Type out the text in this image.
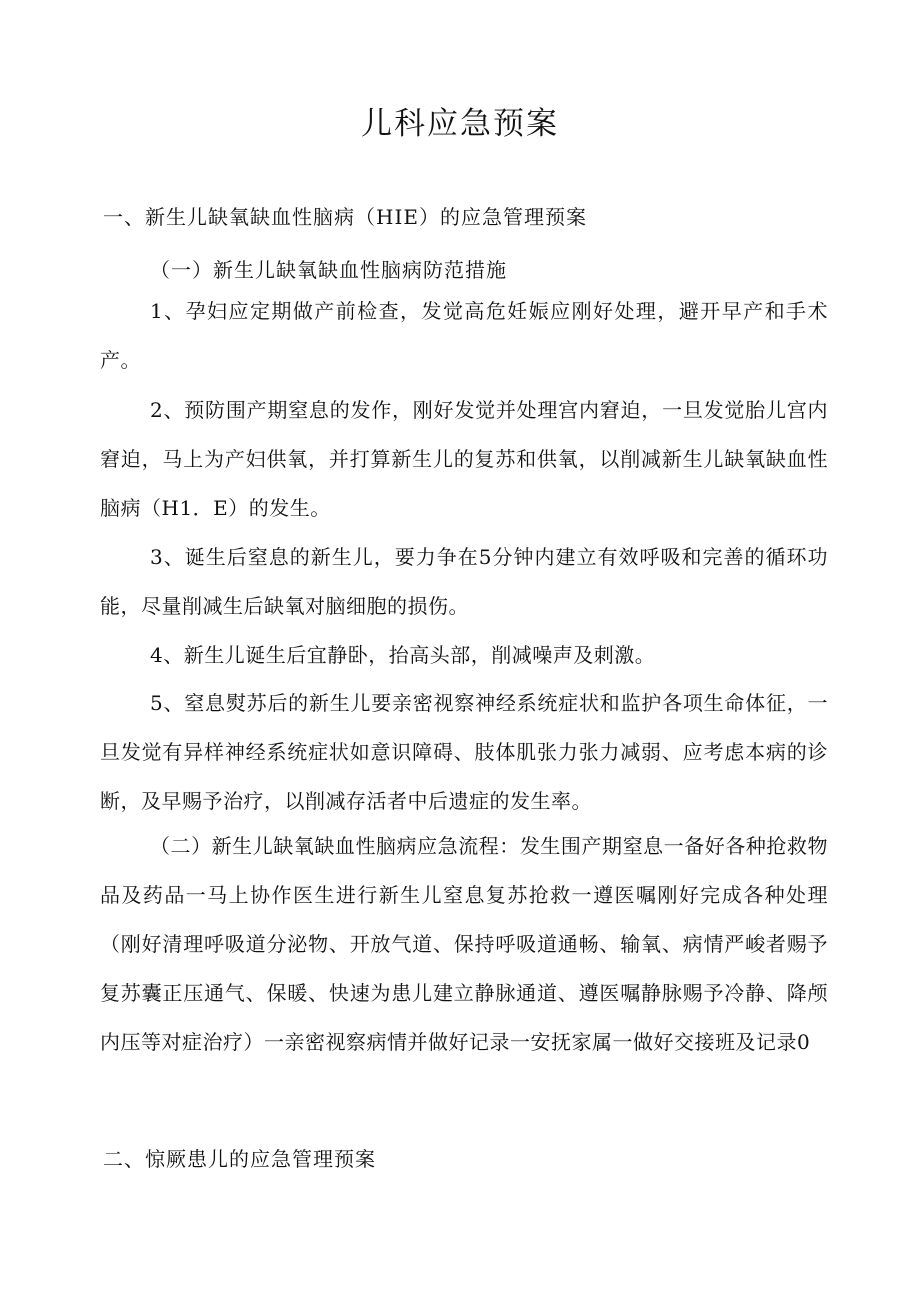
儿科应急预案

一、新生儿缺氧缺血性脑病（HIE）的应急管理预案

（一）新生儿缺氧缺血性脑病防范措施

1、孕妇应定期做产前检查，发觉高危妊娠应刚好处理，避开早产和手术产。

2、预防围产期窒息的发作，刚好发觉并处理宫内窘迫，一旦发觉胎儿宫内窘迫，马上为产妇供氧，并打算新生儿的复苏和供氧，以削减新生儿缺氧缺血性脑病（H1．E）的发生。

3、诞生后窒息的新生儿，要力争在5分钟内建立有效呼吸和完善的循环功能，尽量削减生后缺氧对脑细胞的损伤。

4、新生儿诞生后宜静卧，抬高头部，削减噪声及刺激。

5、窒息熨苏后的新生儿要亲密视察神经系统症状和监护各项生命体征，一旦发觉有异样神经系统症状如意识障碍、肢体肌张力张力减弱、应考虑本病的诊断，及早赐予治疗，以削减存活者中后遗症的发生率。

（二）新生儿缺氧缺血性脑病应急流程：发生围产期窒息一备好各种抢救物品及药品一马上协作医生进行新生儿窒息复苏抢救一遵医嘱刚好完成各种处理（刚好清理呼吸道分泌物、开放气道、保持呼吸道通畅、输氧、病情严峻者赐予复苏囊正压通气、保暖、快速为患儿建立静脉通道、遵医嘱静脉赐予冷静、降颅内压等对症治疗）一亲密视察病情并做好记录一安抚家属一做好交接班及记录0

二、惊厥患儿的应急管理预案
